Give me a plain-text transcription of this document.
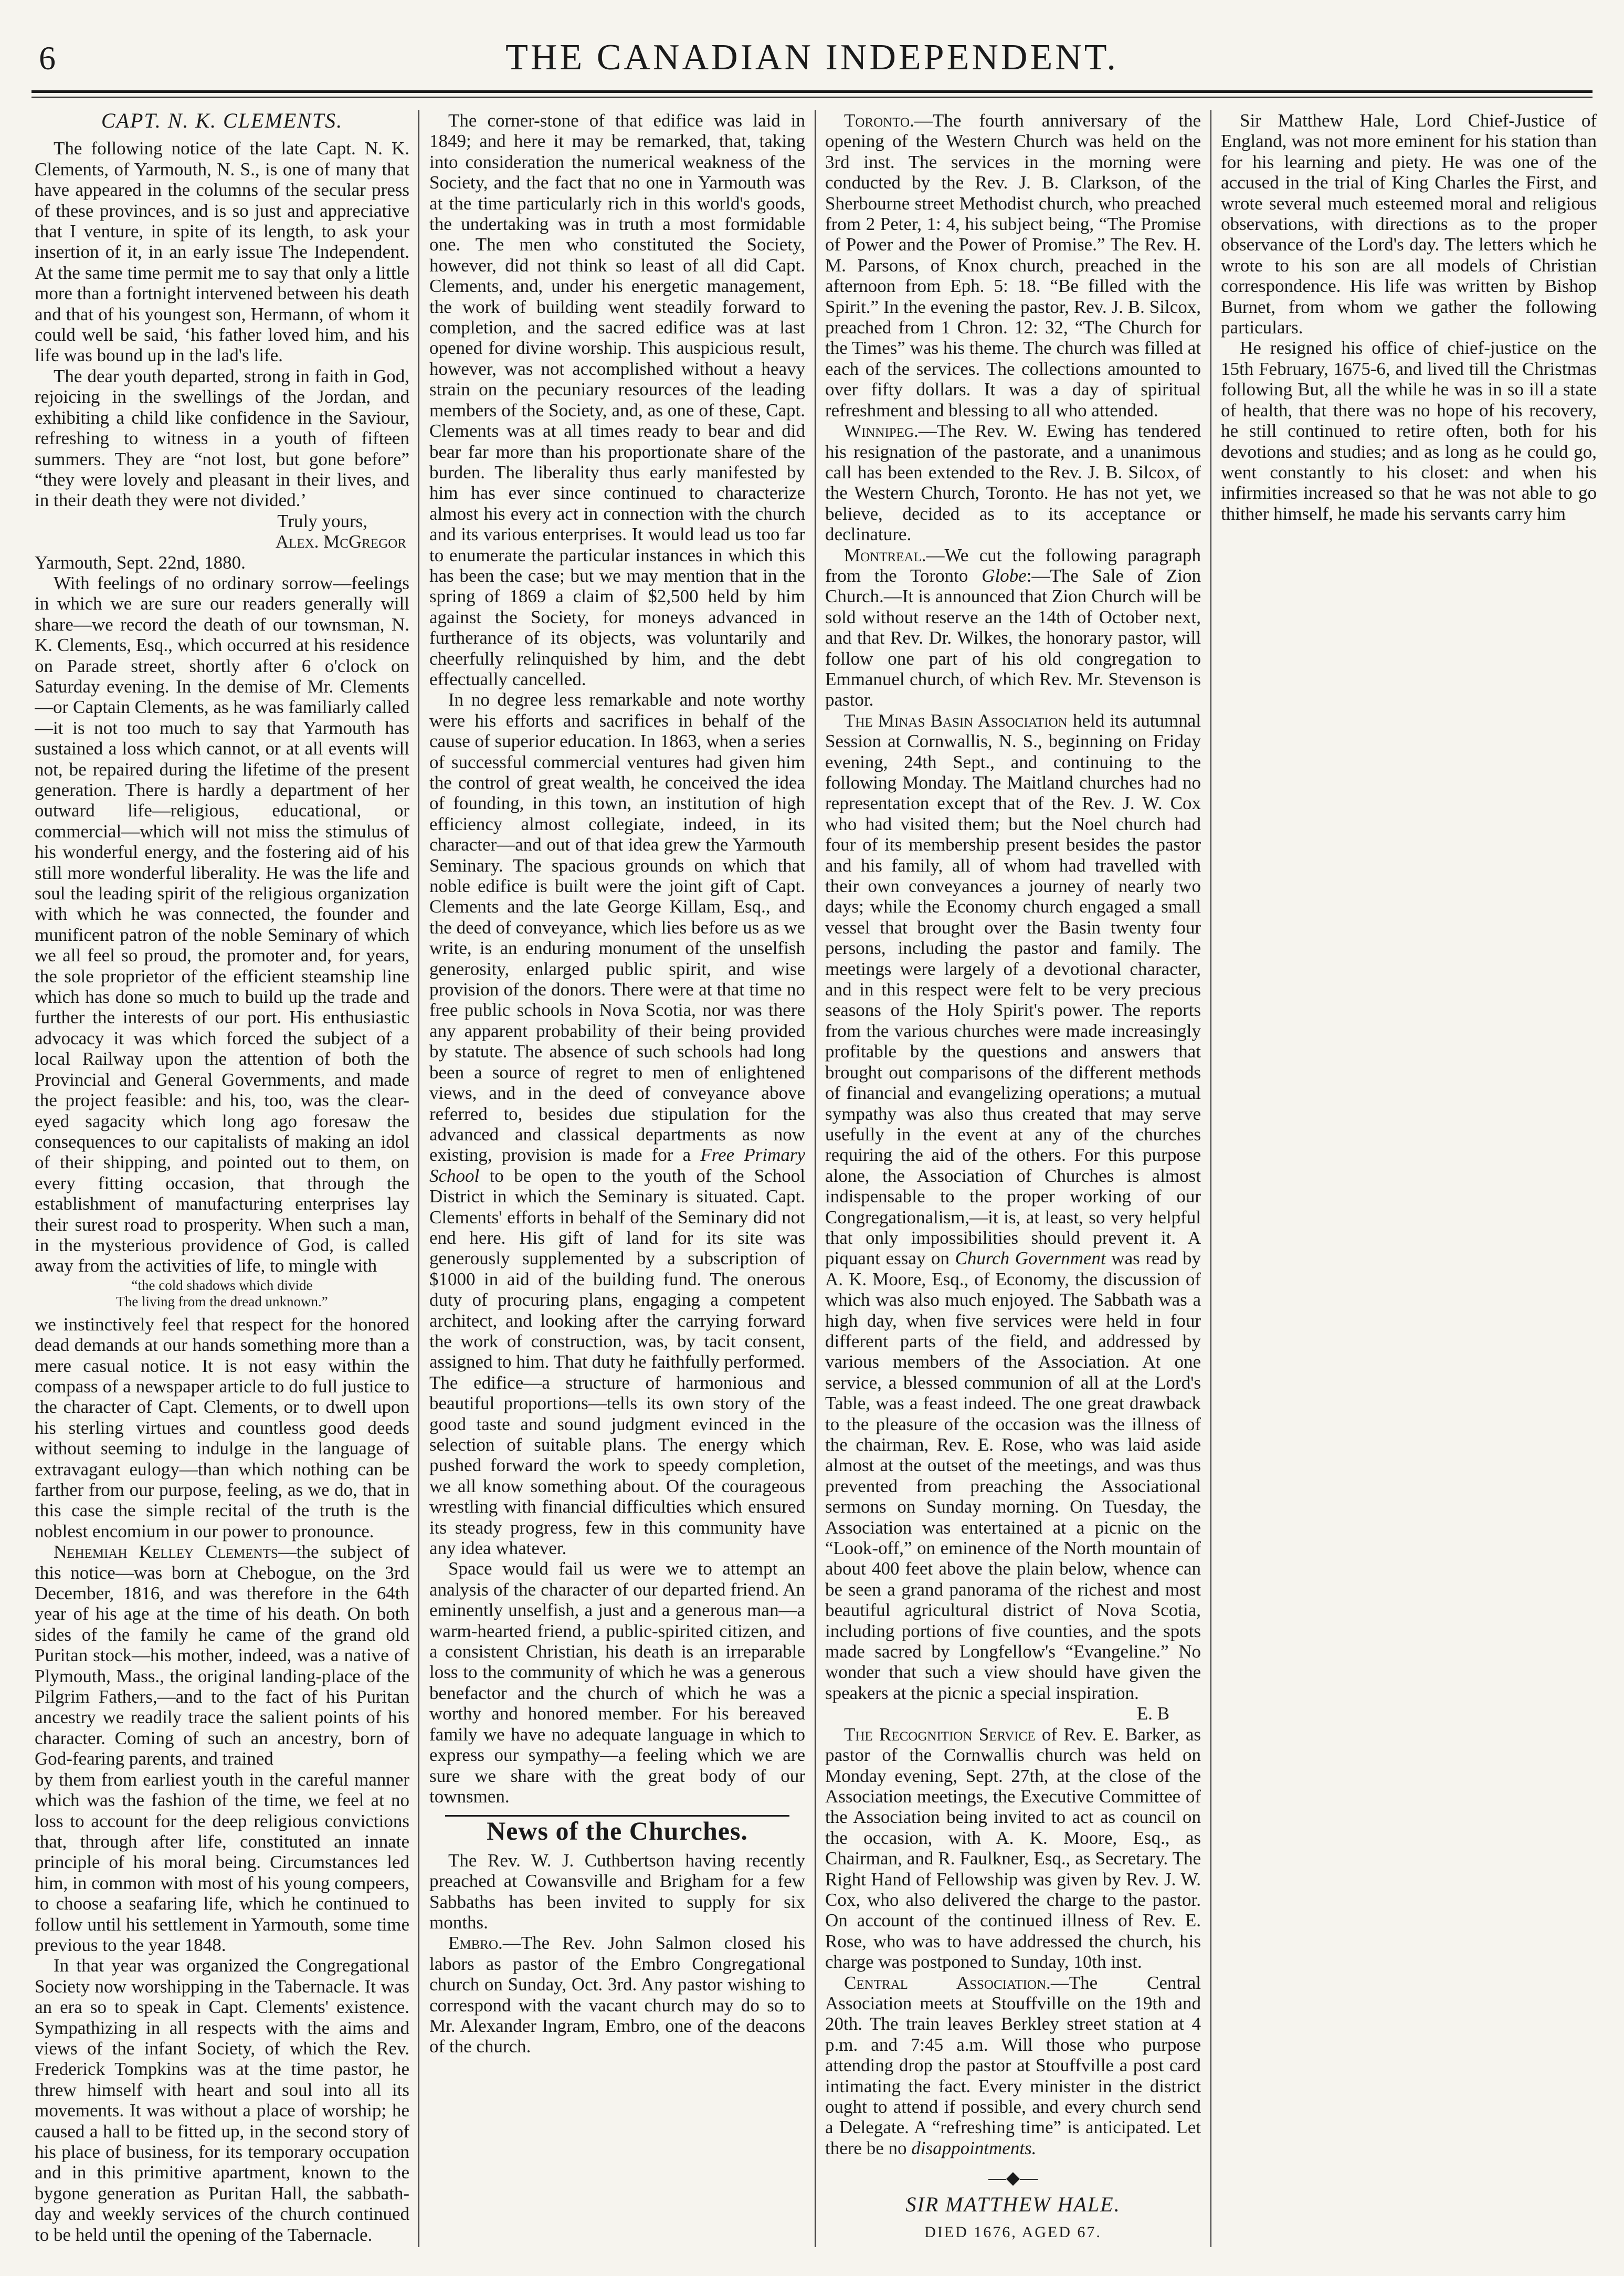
6	THE CANADIAN INDEPENDENT.

CAPT. N. K. CLEMENTS.

The following notice of the late Capt. N. K. Clements, of Yarmouth, N. S., is one of many that have appeared in the columns of the secular press of these provinces, and is so just and appreciative that I venture, in spite of its length, to ask your insertion of it, in an early issue The Independent. At the same time permit me to say that only a little more than a fortnight intervened between his death and that of his youngest son, Hermann, of whom it could well be said, ‘his father loved him, and his life was bound up in the lad's life.

The dear youth departed, strong in faith in God, rejoicing in the swellings of the Jordan, and exhibiting a child like confidence in the Saviour, refreshing to witness in a youth of fifteen summers. They are “not lost, but gone before” “they were lovely and pleasant in their lives, and in their death they were not divided.’

Truly yours,

Alex. McGregor

Yarmouth, Sept. 22nd, 1880.

With feelings of no ordinary sorrow—feelings in which we are sure our readers generally will share—we record the death of our townsman, N. K. Clements, Esq., which occurred at his residence on Parade street, shortly after 6 o'clock on Saturday evening. In the demise of Mr. Clements—or Captain Clements, as he was familiarly called—it is not too much to say that Yarmouth has sustained a loss which cannot, or at all events will not, be repaired during the lifetime of the present generation. There is hardly a department of her outward life—religious, educational, or commercial—which will not miss the stimulus of his wonderful energy, and the fostering aid of his still more wonderful liberality. He was the life and soul the leading spirit of the religious organization with which he was connected, the founder and munificent patron of the noble Seminary of which we all feel so proud, the promoter and, for years, the sole proprietor of the efficient steamship line which has done so much to build up the trade and further the interests of our port. His enthusiastic advocacy it was which forced the subject of a local Railway upon the attention of both the Provincial and General Governments, and made the project feasible: and his, too, was the clear-eyed sagacity which long ago foresaw the consequences to our capitalists of making an idol of their shipping, and pointed out to them, on every fitting occasion, that through the establishment of manufacturing enterprises lay their surest road to prosperity. When such a man, in the mysterious providence of God, is called away from the activities of life, to mingle with

“the cold shadows which divide
The living from the dread unknown.”

we instinctively feel that respect for the honored dead demands at our hands something more than a mere casual notice. It is not easy within the compass of a newspaper article to do full justice to the character of Capt. Clements, or to dwell upon his sterling virtues and countless good deeds without seeming to indulge in the language of extravagant eulogy—than which nothing can be farther from our purpose, feeling, as we do, that in this case the simple recital of the truth is the noblest encomium in our power to pronounce.

Nehemiah Kelley Clements—the subject of this notice—was born at Chebogue, on the 3rd December, 1816, and was therefore in the 64th year of his age at the time of his death. On both sides of the family he came of the grand old Puritan stock—his mother, indeed, was a native of Plymouth, Mass., the original landing-place of the Pilgrim Fathers,—and to the fact of his Puritan ancestry we readily trace the salient points of his character. Coming of such an ancestry, born of God-fearing parents, and trained

by them from earliest youth in the careful manner which was the fashion of the time, we feel at no loss to account for the deep religious convictions that, through after life, constituted an innate principle of his moral being. Circumstances led him, in common with most of his young compeers, to choose a seafaring life, which he continued to follow until his settlement in Yarmouth, some time previous to the year 1848.

In that year was organized the Congregational Society now worshipping in the Tabernacle. It was an era so to speak in Capt. Clements' existence. Sympathizing in all respects with the aims and views of the infant Society, of which the Rev. Frederick Tompkins was at the time pastor, he threw himself with heart and soul into all its movements. It was without a place of worship; he caused a hall to be fitted up, in the second story of his place of business, for its temporary occupation and in this primitive apartment, known to the bygone generation as Puritan Hall, the sabbath-day and weekly services of the church continued to be held until the opening of the Tabernacle.

The corner-stone of that edifice was laid in 1849; and here it may be remarked, that, taking into consideration the numerical weakness of the Society, and the fact that no one in Yarmouth was at the time particularly rich in this world's goods, the undertaking was in truth a most formidable one. The men who constituted the Society, however, did not think so least of all did Capt. Clements, and, under his energetic management, the work of building went steadily forward to completion, and the sacred edifice was at last opened for divine worship. This auspicious result, however, was not accomplished without a heavy strain on the pecuniary resources of the leading members of the Society, and, as one of these, Capt. Clements was at all times ready to bear and did bear far more than his proportionate share of the burden. The liberality thus early manifested by him has ever since continued to characterize almost his every act in connection with the church and its various enterprises. It would lead us too far to enumerate the particular instances in which this has been the case; but we may mention that in the spring of 1869 a claim of $2,500 held by him against the Society, for moneys advanced in furtherance of its objects, was voluntarily and cheerfully relinquished by him, and the debt effectually cancelled.

In no degree less remarkable and note worthy were his efforts and sacrifices in behalf of the cause of superior education. In 1863, when a series of successful commercial ventures had given him the control of great wealth, he conceived the idea of founding, in this town, an institution of high efficiency almost collegiate, indeed, in its character—and out of that idea grew the Yarmouth Seminary. The spacious grounds on which that noble edifice is built were the joint gift of Capt. Clements and the late George Killam, Esq., and the deed of conveyance, which lies before us as we write, is an enduring monument of the unselfish generosity, enlarged public spirit, and wise provision of the donors. There were at that time no free public schools in Nova Scotia, nor was there any apparent probability of their being provided by statute. The absence of such schools had long been a source of regret to men of enlightened views, and in the deed of conveyance above referred to, besides due stipulation for the advanced and classical departments as now existing, provision is made for a Free Primary School to be open to the youth of the School District in which the Seminary is situated. Capt. Clements' efforts in behalf of the Seminary did not end here. His gift of land for its site was generously supplemented by a subscription of $1000 in aid of the building fund. The onerous duty of procuring plans, engaging a competent architect, and looking after the carrying forward the work of construction, was, by tacit consent, assigned to him. That duty he faithfully performed. The edifice—a structure of harmonious and beautiful proportions—tells its own story of the good taste and sound judgment evinced in the selection of suitable plans. The energy which pushed forward the work to speedy completion, we all know something about. Of the courageous wrestling with financial difficulties which ensured its steady progress, few in this community have any idea whatever.

Space would fail us were we to attempt an analysis of the character of our departed friend. An eminently unselfish, a just and a generous man—a warm-hearted friend, a public-spirited citizen, and a consistent Christian, his death is an irreparable loss to the community of which he was a generous benefactor and the church of which he was a worthy and honored member. For his bereaved family we have no adequate language in which to express our sympathy—a feeling which we are sure we share with the great body of our townsmen.

News of the Churches.

The Rev. W. J. Cuthbertson having recently preached at Cowansville and Brigham for a few Sabbaths has been invited to supply for six months.

Embro.—The Rev. John Salmon closed his labors as pastor of the Embro Congregational church on Sunday, Oct. 3rd. Any pastor wishing to correspond with the vacant church may do so to Mr. Alexander Ingram, Embro, one of the deacons of the church.

Toronto.—The fourth anniversary of the opening of the Western Church was held on the 3rd inst. The services in the morning were conducted by the Rev. J. B. Clarkson, of the Sherbourne street Methodist church, who preached from 2 Peter, 1: 4, his subject being, “The Promise of Power and the Power of Promise.” The Rev. H. M. Parsons, of Knox church, preached in the afternoon from Eph. 5: 18. “Be filled with the Spirit.” In the evening the pastor, Rev. J. B. Silcox, preached from 1 Chron. 12: 32, “The Church for the Times” was his theme. The church was filled at each of the services. The collections amounted to over fifty dollars. It was a day of spiritual refreshment and blessing to all who attended.

Winnipeg.—The Rev. W. Ewing has tendered his resignation of the pastorate, and a unanimous call has been extended to the Rev. J. B. Silcox, of the Western Church, Toronto. He has not yet, we believe, decided as to its acceptance or declinature.

Montreal.—We cut the following paragraph from the Toronto Globe:—The Sale of Zion Church.—It is announced that Zion Church will be sold without reserve an the 14th of October next, and that Rev. Dr. Wilkes, the honorary pastor, will follow one part of his old congregation to Emmanuel church, of which Rev. Mr. Stevenson is pastor.

The Minas Basin Association held its autumnal Session at Cornwallis, N. S., beginning on Friday evening, 24th Sept., and continuing to the following Monday. The Maitland churches had no representation except that of the Rev. J. W. Cox who had visited them; but the Noel church had four of its membership present besides the pastor and his family, all of whom had travelled with their own conveyances a journey of nearly two days; while the Economy church engaged a small vessel that brought over the Basin twenty four persons, including the pastor and family. The meetings were largely of a devotional character, and in this respect were felt to be very precious seasons of the Holy Spirit's power. The reports from the various churches were made increasingly profitable by the questions and answers that brought out comparisons of the different methods of financial and evangelizing operations; a mutual sympathy was also thus created that may serve usefully in the event at any of the churches requiring the aid of the others. For this purpose alone, the Association of Churches is almost indispensable to the proper working of our Congregationalism,—it is, at least, so very helpful that only impossibilities should prevent it. A piquant essay on Church Government was read by A. K. Moore, Esq., of Economy, the discussion of which was also much enjoyed. The Sabbath was a high day, when five services were held in four different parts of the field, and addressed by various members of the Association. At one service, a blessed communion of all at the Lord's Table, was a feast indeed. The one great drawback to the pleasure of the occasion was the illness of the chairman, Rev. E. Rose, who was laid aside almost at the outset of the meetings, and was thus prevented from preaching the Associational sermons on Sunday morning. On Tuesday, the Association was entertained at a picnic on the “Look-off,” on eminence of the North mountain of about 400 feet above the plain below, whence can be seen a grand panorama of the richest and most beautiful agricultural district of Nova Scotia, including portions of five counties, and the spots made sacred by Longfellow's “Evangeline.” No wonder that such a view should have given the speakers at the picnic a special inspiration.

E. B

The Recognition Service of Rev. E. Barker, as pastor of the Cornwallis church was held on Monday evening, Sept. 27th, at the close of the Association meetings, the Executive Committee of the Association being invited to act as council on the occasion, with A. K. Moore, Esq., as Chairman, and R. Faulkner, Esq., as Secretary. The Right Hand of Fellowship was given by Rev. J. W. Cox, who also delivered the charge to the pastor. On account of the continued illness of Rev. E. Rose, who was to have addressed the church, his charge was postponed to Sunday, 10th inst.

Central Association.—The Central Association meets at Stouffville on the 19th and 20th. The train leaves Berkley street station at 4 p.m. and 7:45 a.m. Will those who purpose attending drop the pastor at Stouffville a post card intimating the fact. Every minister in the district ought to attend if possible, and every church send a Delegate. A “refreshing time” is anticipated. Let there be no disappointments.

—◆—

SIR MATTHEW HALE.

DIED 1676, AGED 67.

Sir Matthew Hale, Lord Chief-Justice of England, was not more eminent for his station than for his learning and piety. He was one of the accused in the trial of King Charles the First, and wrote several much esteemed moral and religious observations, with directions as to the proper observance of the Lord's day. The letters which he wrote to his son are all models of Christian correspondence. His life was written by Bishop Burnet, from whom we gather the following particulars.

He resigned his office of chief-justice on the 15th February, 1675-6, and lived till the Christmas following But, all the while he was in so ill a state of health, that there was no hope of his recovery, he still continued to retire often, both for his devotions and studies; and as long as he could go, went constantly to his closet: and when his infirmities increased so that he was not able to go thither himself, he made his servants carry him
